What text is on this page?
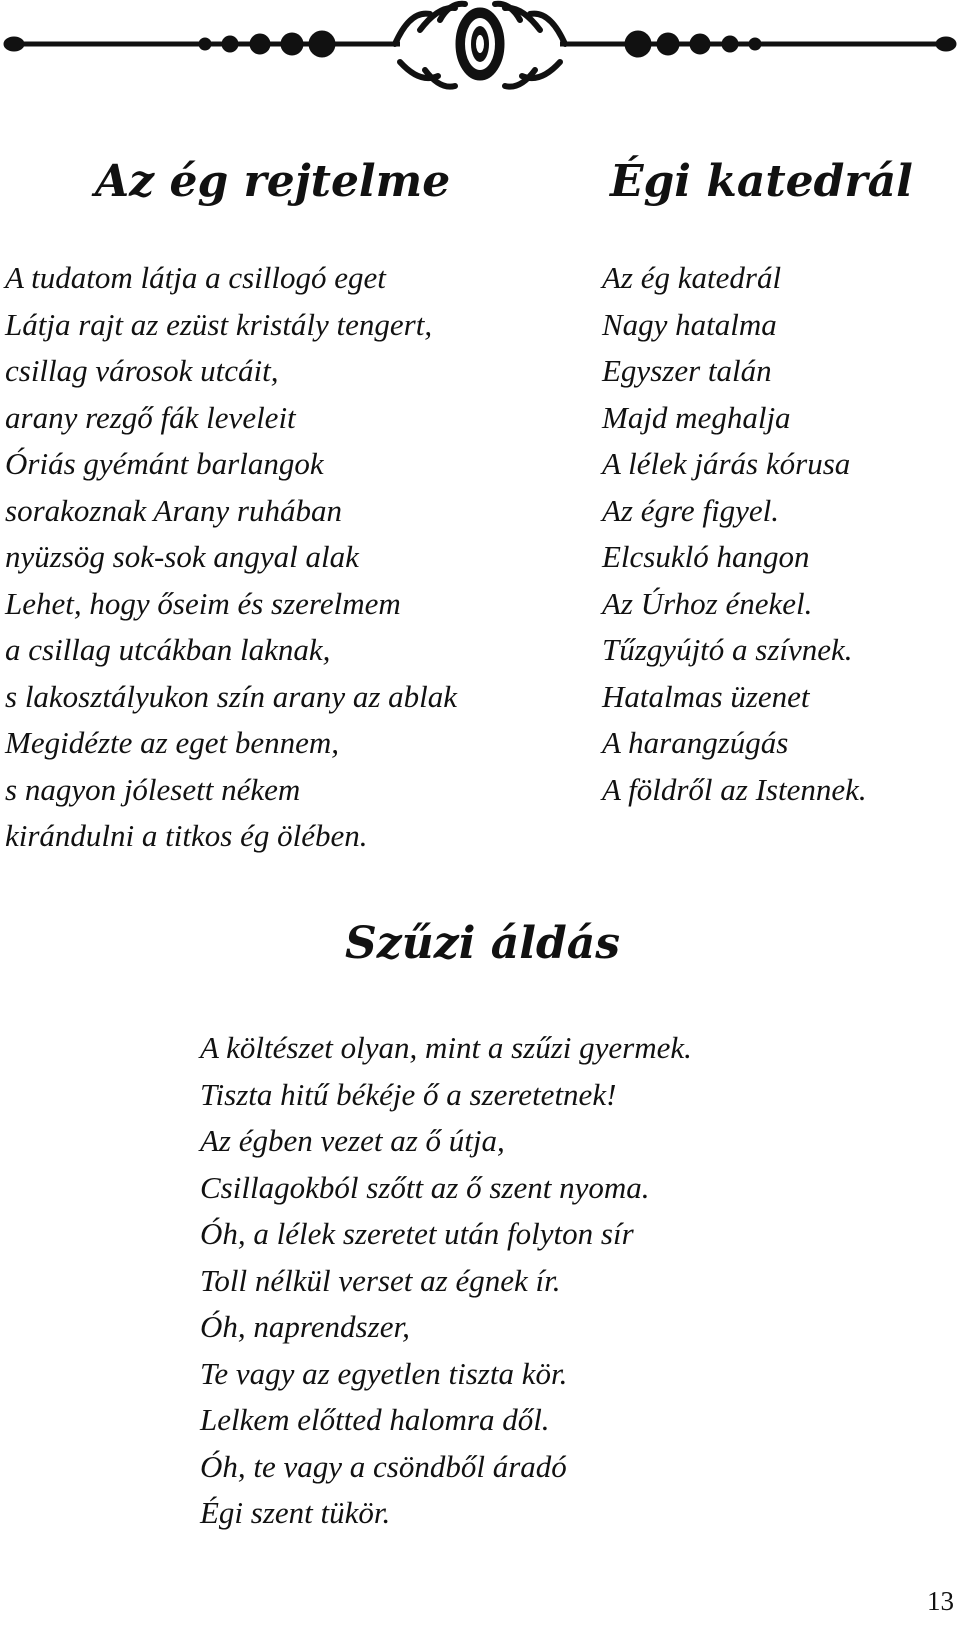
Az ég rejtelme
A tudatom látja a csillogó eget
Látja rajt az ezüst kristály tengert,
csillag városok utcáit,
arany rezgő fák leveleit
Óriás gyémánt barlangok
sorakoznak Arany ruhában
nyüzsög sok-sok angyal alak
Lehet, hogy őseim és szerelmem
a csillag utcákban laknak,
s lakosztályukon szín arany az ablak
Megidézte az eget bennem,
s nagyon jólesett nékem
kirándulni a titkos ég ölében.
Égi katedrál
Az ég katedrál
Nagy hatalma
Egyszer talán
Majd meghalja
A lélek járás kórusa
Az égre figyel.
Elcsukló hangon
Az Úrhoz énekel.
Tűzgyújtó a szívnek.
Hatalmas üzenet
A harangzúgás
A földről az Istennek.
Szűzi áldás
A költészet olyan, mint a szűzi gyermek.
Tiszta hitű békéje ő a szeretetnek!
Az égben vezet az ő útja,
Csillagokból szőtt az ő szent nyoma.
Óh, a lélek szeretet után folyton sír
Toll nélkül verset az égnek ír.
Óh, naprendszer,
Te vagy az egyetlen tiszta kör.
Lelkem előtted halomra dől.
Óh, te vagy a csöndből áradó
Égi szent tükör.
13
